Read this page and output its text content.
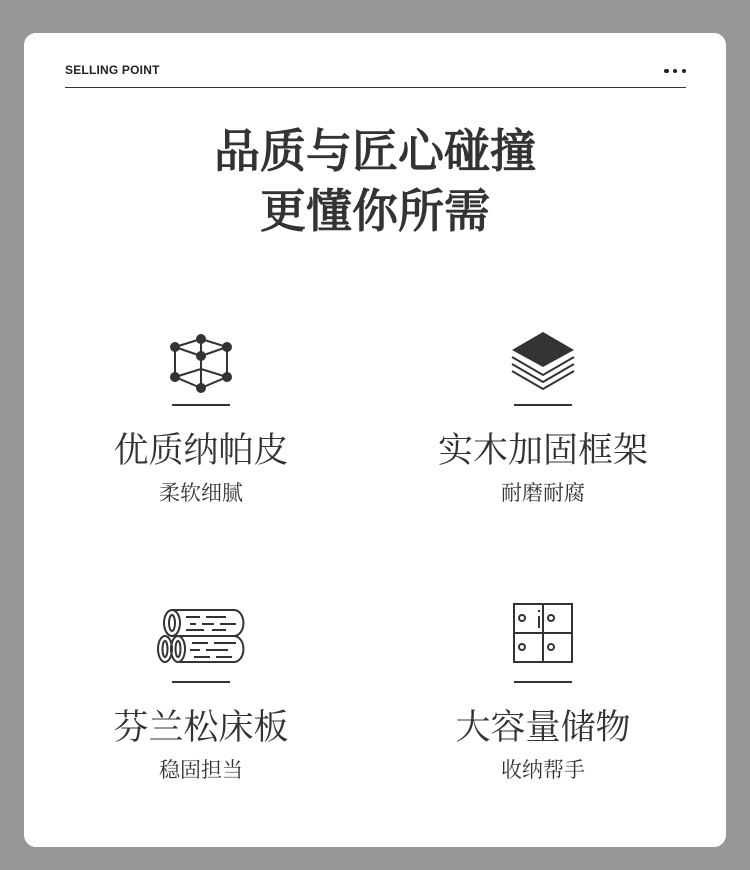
SELLING POINT
品质与匠心碰撞
更懂你所需
优质纳帕皮
柔软细腻
实木加固框架
耐磨耐腐
芬兰松床板
稳固担当
大容量储物
收纳帮手
